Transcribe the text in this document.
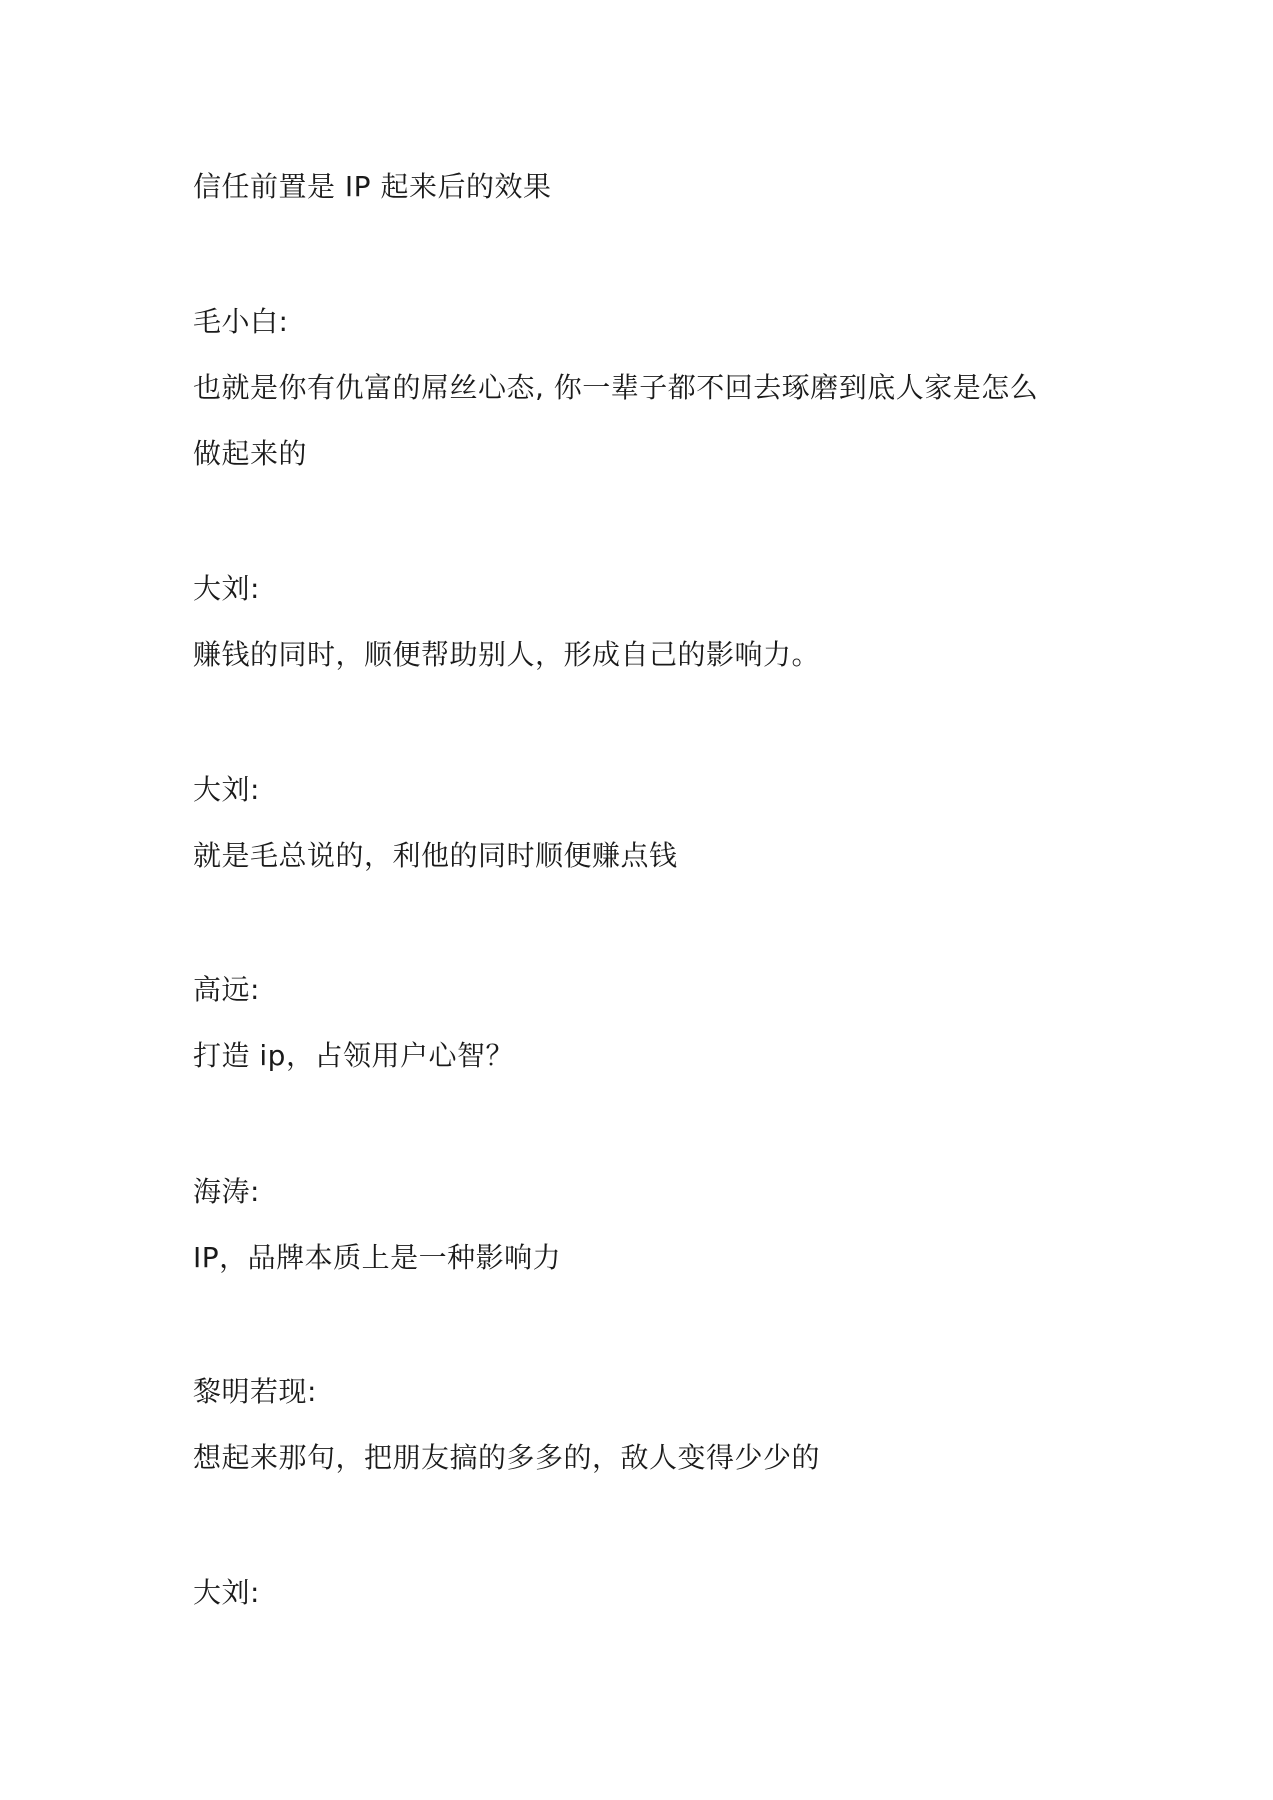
信任前置是 IP 起来后的效果
毛小白:
也就是你有仇富的屌丝心态, 你一辈子都不回去琢磨到底人家是怎么
做起来的
大刘:
赚钱的同时，顺便帮助别人，形成自己的影响力。
大刘:
就是毛总说的，利他的同时顺便赚点钱
高远:
打造 ip，占领用户心智？
海涛:
IP，品牌本质上是一种影响力
黎明若现:
想起来那句，把朋友搞的多多的，敌人变得少少的
大刘:
